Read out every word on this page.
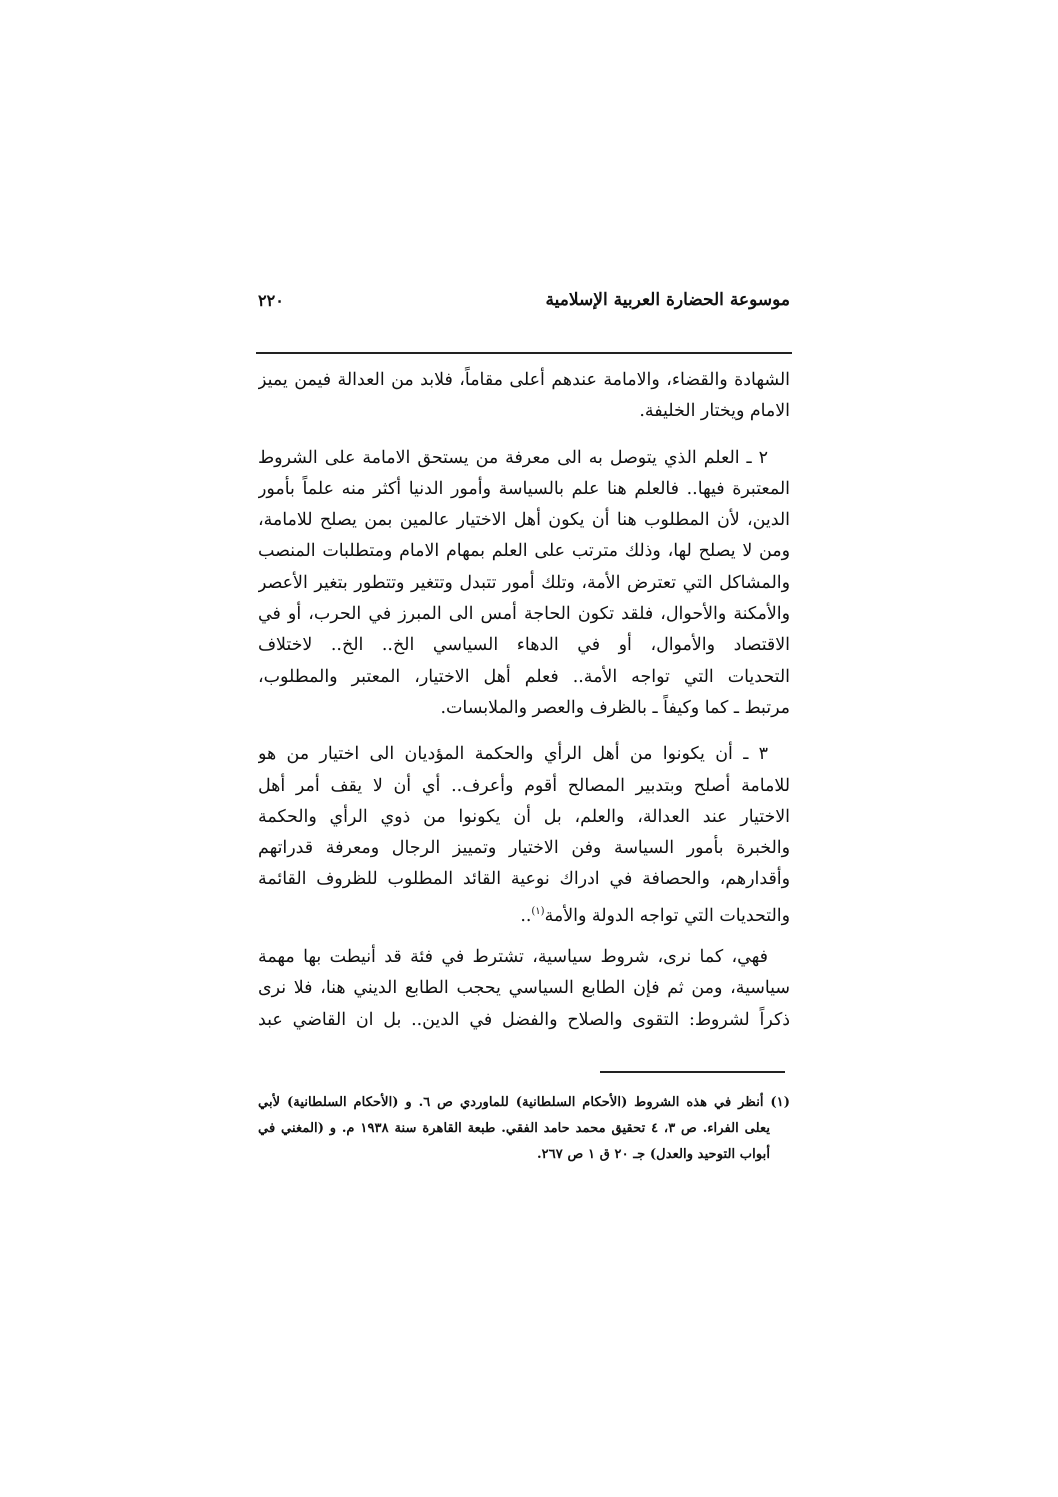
موسوعة الحضارة العربية الإسلامية
٢٢٠
الشهادة والقضاء، والامامة عندهم أعلى مقاماً، فلابد من العدالة فيمن يميز
الامام ويختار الخليفة.
٢ ـ العلم الذي يتوصل به الى معرفة من يستحق الامامة على الشروط
المعتبرة فيها.. فالعلم هنا علم بالسياسة وأمور الدنيا أكثر منه علماً بأمور
الدين، لأن المطلوب هنا أن يكون أهل الاختيار عالمين بمن يصلح للامامة،
ومن لا يصلح لها، وذلك مترتب على العلم بمهام الامام ومتطلبات المنصب
والمشاكل التي تعترض الأمة، وتلك أمور تتبدل وتتغير وتتطور بتغير الأعصر
والأمكنة والأحوال، فلقد تكون الحاجة أمس الى المبرز في الحرب، أو في
الاقتصاد والأموال، أو في الدهاء السياسي الخ.. الخ.. لاختلاف
التحديات التي تواجه الأمة.. فعلم أهل الاختيار، المعتبر والمطلوب،
مرتبط ـ كما وكيفاً ـ بالظرف والعصر والملابسات.
٣ ـ أن يكونوا من أهل الرأي والحكمة المؤديان الى اختيار من هو
للامامة أصلح وبتدبير المصالح أقوم وأعرف.. أي أن لا يقف أمر أهل
الاختيار عند العدالة، والعلم، بل أن يكونوا من ذوي الرأي والحكمة
والخبرة بأمور السياسة وفن الاختيار وتمييز الرجال ومعرفة قدراتهم
وأقدارهم، والحصافة في ادراك نوعية القائد المطلوب للظروف القائمة
والتحديات التي تواجه الدولة والأمة$^{(١)}$..
فهي، كما نرى، شروط سياسية، تشترط في فئة قد أنيطت بها مهمة
سياسية، ومن ثم فإن الطابع السياسي يحجب الطابع الديني هنا، فلا نرى
ذكراً لشروط: التقوى والصلاح والفضل في الدين.. بل ان القاضي عبد
(١) أنظر في هذه الشروط (الأحكام السلطانية) للماوردي ص ٦. و (الأحكام السلطانية) لأبي
يعلى الفراء. ص ٣، ٤ تحقيق محمد حامد الفقي. طبعة القاهرة سنة ١٩٣٨ م. و (المغني في
أبواب التوحيد والعدل) جـ ٢٠ ق ١ ص ٢٦٧.
